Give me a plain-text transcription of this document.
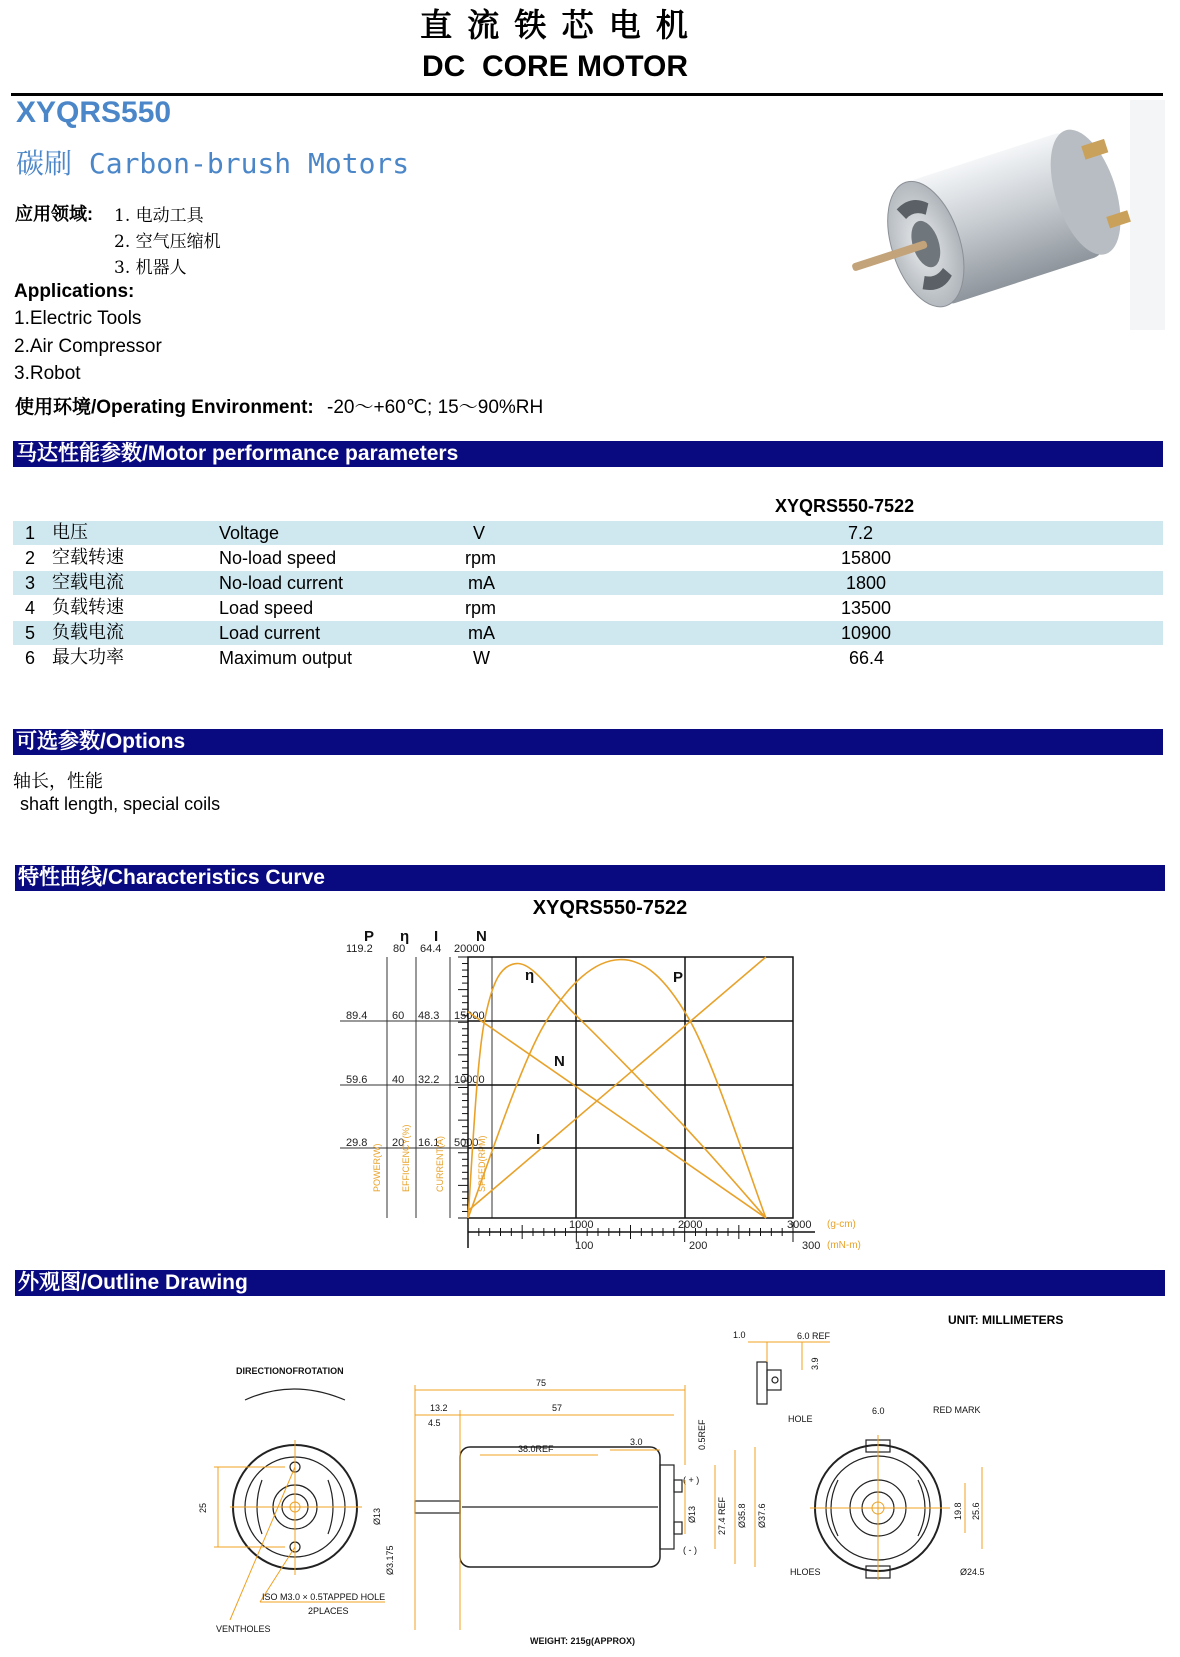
直 流 铁 芯 电 机
DC  CORE MOTOR
XYQRS550
碳刷 Carbon-brush Motors
应用领域: 1. 电动工具
2. 空气压缩机
3. 机器人
Applications:
1.Electric Tools
2.Air Compressor
3.Robot
使用环境/Operating Environment: -20～+60℃; 15～90%RH
马达性能参数/Motor performance parameters
XYQRS550-7522
1 电压	Voltage	V	7.2
2 空载转速	No-load speed	rpm	15800
3 空载电流	No-load current	mA	1800
4 负载转速	Load speed	rpm	13500
5 负载电流	Load current	mA	10900
6 最大功率	Maximum output	W	66.4
可选参数/Options
轴长，性能
shaft length, special coils
特性曲线/Characteristics Curve
XYQRS550-7522
P η I	N
119.2 80 64.4 20000
89.4 60 48.3 15000
59.6 40 32.2 10000
29.8 20 16.1 5000
POWER(W) EFFICIENCY(%)	CURRENT(A)	SPEED(RPM)
1000	2000	3000 (g-cm)
100	200	300 (mN-m)
N
I
P
η
外观图/Outline Drawing
UNIT: MILLIMETERS
DIRECTIONOFROTATION
25
ISO M3.0 × 0.5TAPPED HOLE
2PLACES
VENTHOLES
( + )
( - )
75
13.2	57
4.5
38.0REF
3.0	0.5REF
Ø13
Ø3.175
Ø13 27.4 REF Ø35.8 Ø37.6
1.0	6.0 REF
3.9
HOLE
6.0	RED MARK
19.8 25.6
HLOES	Ø24.5
WEIGHT: 215g(APPROX)
